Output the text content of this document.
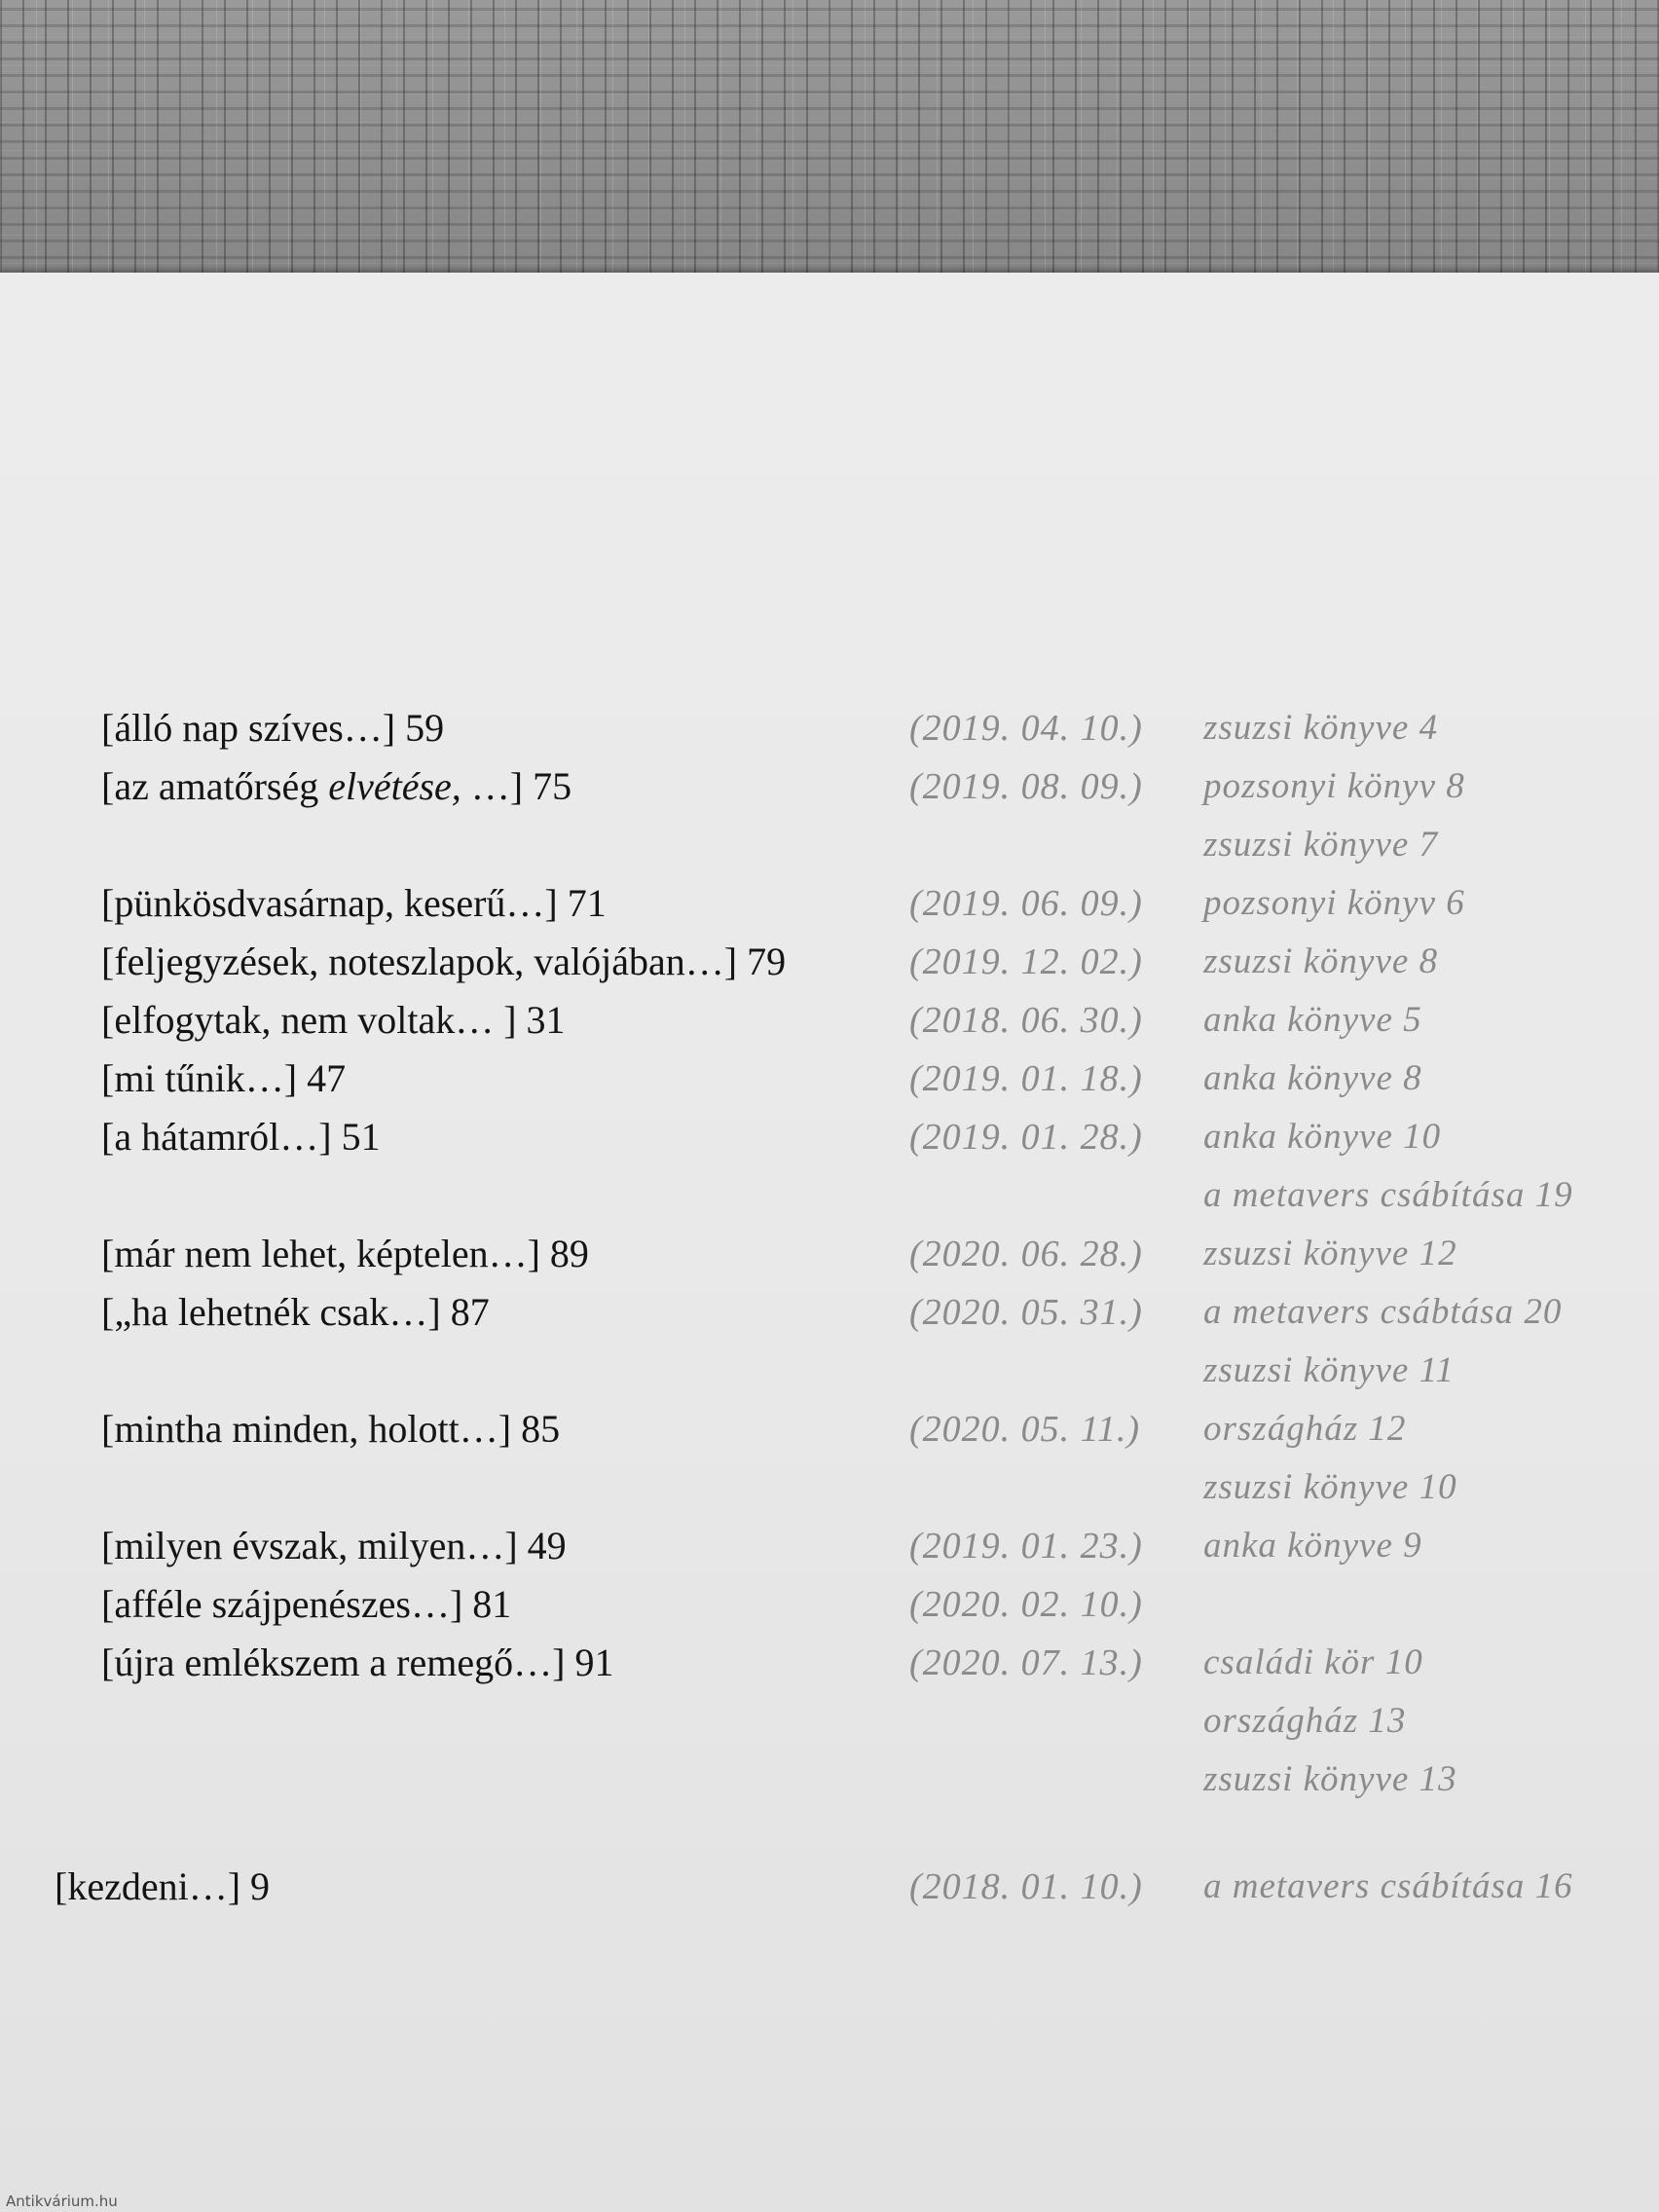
[álló nap szíves…] 59	(2019. 04. 10.) zsuzsi könyve 4
[az amatőrség elvétése, …] 75	(2019. 08. 09.) pozsonyi könyv 8
zsuzsi könyve 7
[pünkösdvasárnap, keserű…] 71	(2019. 06. 09.) pozsonyi könyv 6
[feljegyzések, noteszlapok, valójában…] 79	(2019. 12. 02.) zsuzsi könyve 8
[elfogytak, nem voltak… ] 31	(2018. 06. 30.) anka könyve 5
[mi tűnik…] 47	(2019. 01. 18.) anka könyve 8
[a hátamról…] 51	(2019. 01. 28.) anka könyve 10
a metavers csábítása 19
[már nem lehet, képtelen…] 89	(2020. 06. 28.) zsuzsi könyve 12
[„ha lehetnék csak…] 87	(2020. 05. 31.) a metavers csábtása 20
zsuzsi könyve 11
[mintha minden, holott…] 85	(2020. 05. 11.) országház 12
zsuzsi könyve 10
[milyen évszak, milyen…] 49	(2019. 01. 23.) anka könyve 9
[afféle szájpenészes…] 81	(2020. 02. 10.)
[újra emlékszem a remegő…] 91	(2020. 07. 13.) családi kör 10
országház 13
zsuzsi könyve 13
[kezdeni…] 9	(2018. 01. 10.) a metavers csábítása 16
Antikvárium.hu
